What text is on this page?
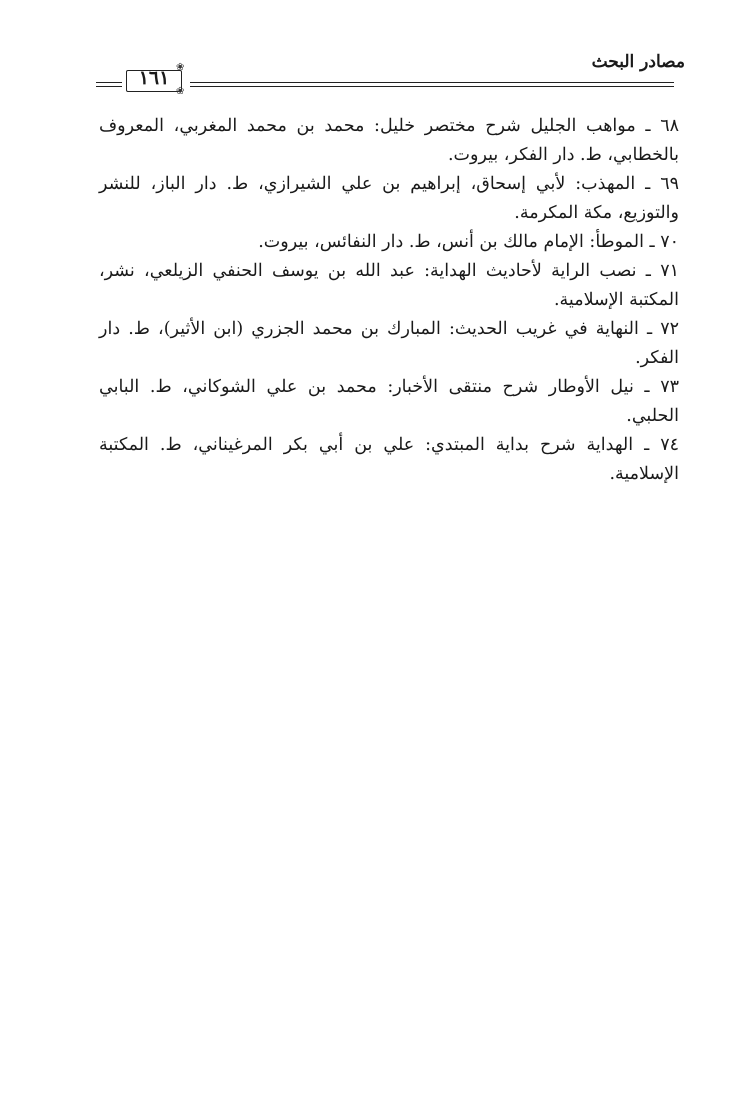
مصادر البحث
❀
❀
١٦١
٦٨ ـ مواهب الجليل شرح مختصر خليل: محمد بن محمد المغربي، المعروف
بالخطابي، ط. دار الفكر، بيروت.
٦٩ ـ المهذب: لأبي إسحاق، إبراهيم بن علي الشيرازي، ط. دار الباز، للنشر
والتوزيع، مكة المكرمة.
٧٠ ـ الموطأ: الإمام مالك بن أنس، ط. دار النفائس، بيروت.
٧١ ـ نصب الراية لأحاديث الهداية: عبد الله بن يوسف الحنفي الزيلعي، نشر،
المكتبة الإسلامية.
٧٢ ـ النهاية في غريب الحديث: المبارك بن محمد الجزري (ابن الأثير)، ط. دار
الفكر.
٧٣ ـ نيل الأوطار شرح منتقى الأخبار: محمد بن علي الشوكاني، ط. البابي
الحلبي.
٧٤ ـ الهداية شرح بداية المبتدي: علي بن أبي بكر المرغيناني، ط. المكتبة
الإسلامية.
